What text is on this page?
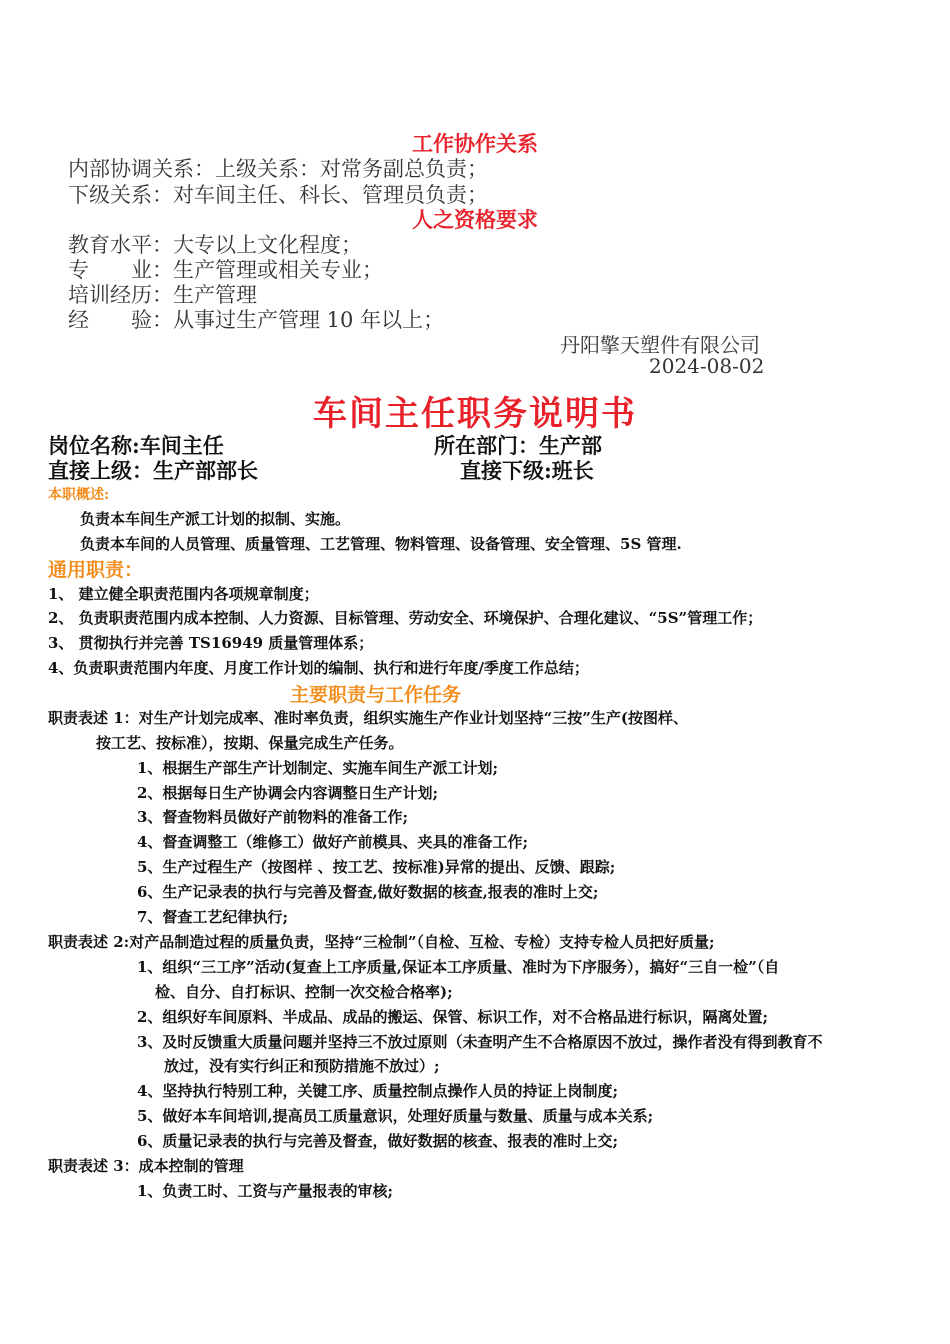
工作协作关系
内部协调关系：上级关系：对常务副总负责；
下级关系：对车间主任、科长、管理员负责；
人之资格要求
教育水平：大专以上文化程度；
专　　业：生产管理或相关专业；
培训经历：生产管理
经　　验：从事过生产管理 10 年以上；
丹阳擎天塑件有限公司
2024-08-02
车间主任职务说明书
岗位名称:车间主任	所在部门：生产部
直接上级：生产部部长	直接下级:班长
本职概述:
负责本车间生产派工计划的拟制、实施。
负责本车间的人员管理、质量管理、工艺管理、物料管理、设备管理、安全管理、5S 管理.
通用职责：
1、 建立健全职责范围内各项规章制度；
2、 负责职责范围内成本控制、人力资源、目标管理、劳动安全、环境保护、合理化建议、“5S”管理工作；
3、 贯彻执行并完善 TS16949 质量管理体系；
4、负责职责范围内年度、月度工作计划的编制、执行和进行年度/季度工作总结；
主要职责与工作任务
职责表述 1：对生产计划完成率、准时率负责，组织实施生产作业计划坚持“三按”生产(按图样、
按工艺、按标准），按期、保量完成生产任务。
1、根据生产部生产计划制定、实施车间生产派工计划;
2、根据每日生产协调会内容调整日生产计划;
3、督查物料员做好产前物料的准备工作;
4、督查调整工（维修工）做好产前模具、夹具的准备工作;
5、生产过程生产（按图样 、按工艺、按标准)异常的提出、反馈、跟踪;
6、生产记录表的执行与完善及督查,做好数据的核查,报表的准时上交;
7、督查工艺纪律执行;
职责表述 2:对产品制造过程的质量负责，坚持“三检制”（自检、互检、专检）支持专检人员把好质量;
1、组织“三工序”活动(复查上工序质量,保证本工序质量、准时为下序服务），搞好“三自一检”（自
检、自分、自打标识、控制一次交检合格率);
2、组织好车间原料、半成品、成品的搬运、保管、标识工作，对不合格品进行标识，隔离处置;
3、及时反馈重大质量问题并坚持三不放过原则（未查明产生不合格原因不放过，操作者没有得到教育不
放过，没有实行纠正和预防措施不放过）;
4、坚持执行特别工种，关键工序、质量控制点操作人员的持证上岗制度;
5、做好本车间培训,提高员工质量意识，处理好质量与数量、质量与成本关系;
6、质量记录表的执行与完善及督查，做好数据的核查、报表的准时上交;
职责表述 3：成本控制的管理
1、负责工时、工资与产量报表的审核;
